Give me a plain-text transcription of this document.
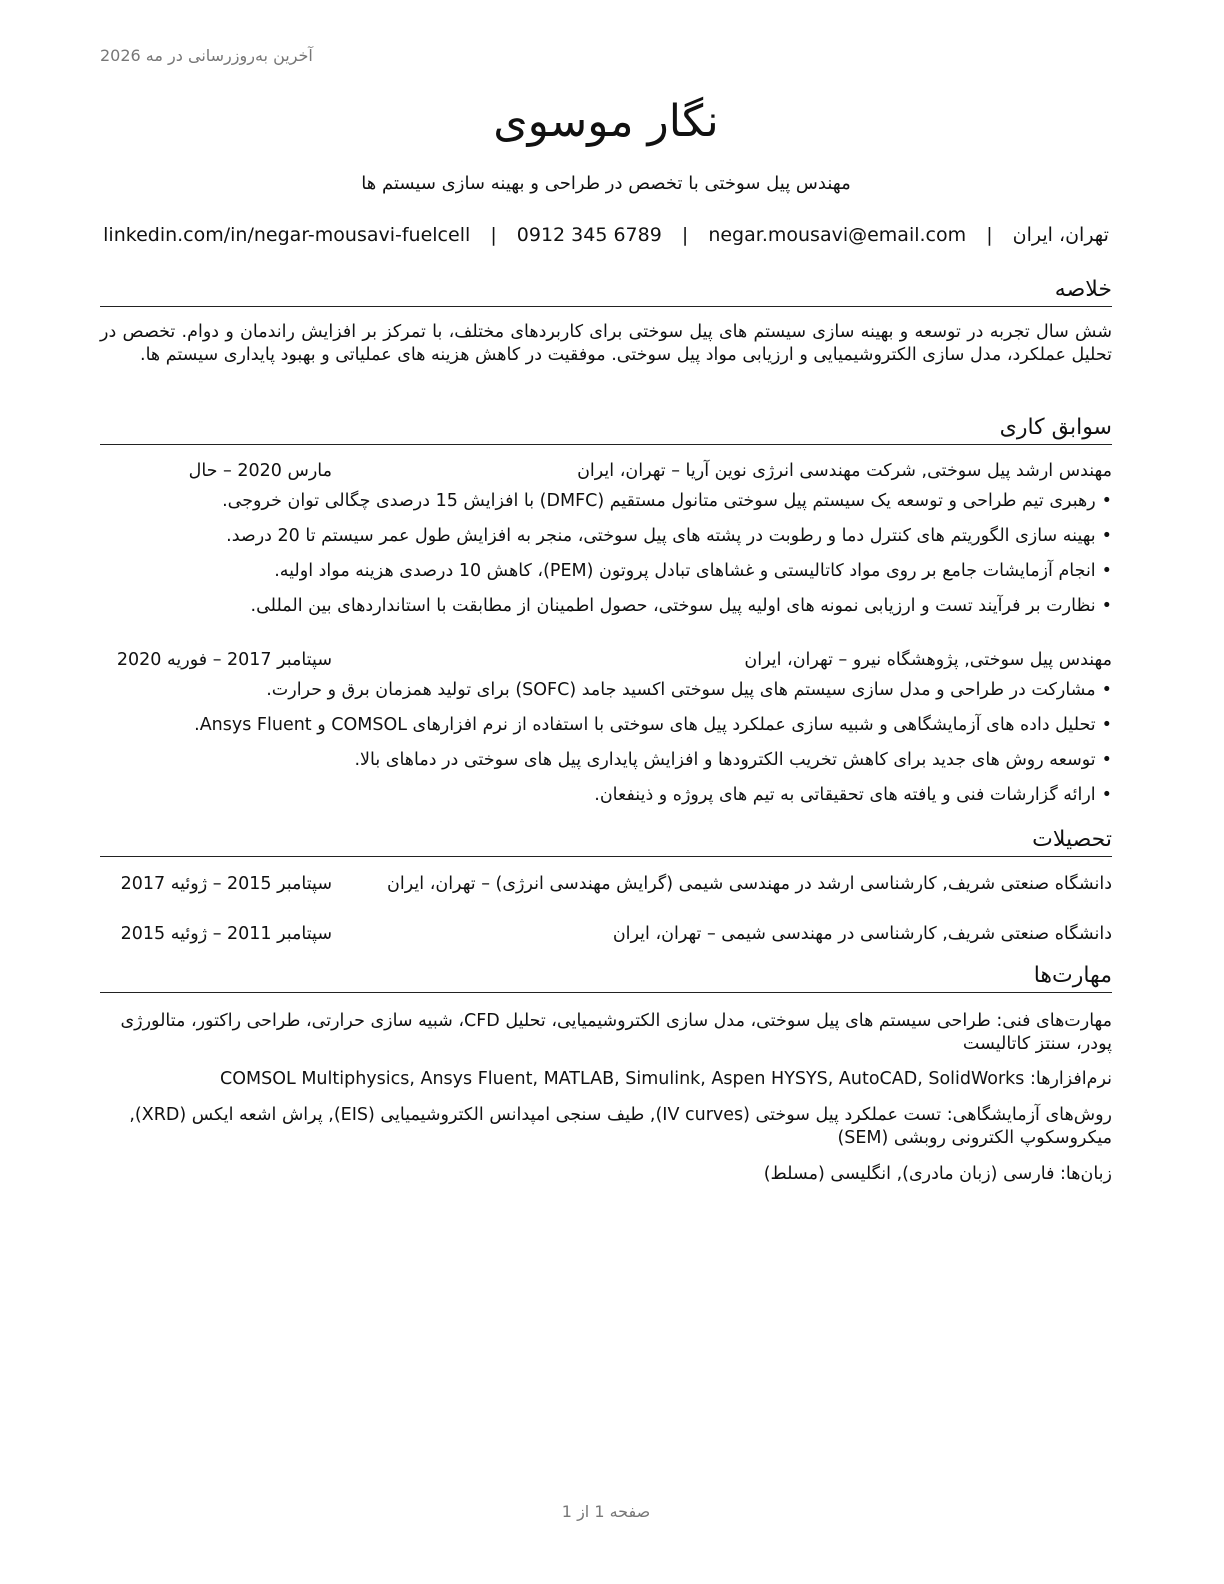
آخرین به‌روزرسانی در مه 2026
نگار موسوی
مهندس پیل سوختی با تخصص در طراحی و بهینه سازی سیستم ها
تهران، ایران | negar.mousavi@email.com | 0912 345 6789 | linkedin.com/in/negar-mousavi-fuelcell
خلاصه
شش سال تجربه در توسعه و بهینه سازی سیستم های پیل سوختی برای کاربردهای مختلف، با تمرکز بر افزایش راندمان و دوام. تخصص در تحلیل عملکرد، مدل سازی الکتروشیمیایی و ارزیابی مواد پیل سوختی. موفقیت در کاهش هزینه های عملیاتی و بهبود پایداری سیستم ها.
سوابق کاری
مهندس ارشد پیل سوختی, شرکت مهندسی انرژی نوین آریا – تهران، ایران
مارس 2020 – حال
•رهبری تیم طراحی و توسعه یک سیستم پیل سوختی متانول مستقیم (DMFC) با افزایش 15 درصدی چگالی توان خروجی.
•بهینه سازی الگوریتم های کنترل دما و رطوبت در پشته های پیل سوختی، منجر به افزایش طول عمر سیستم تا 20 درصد.
•انجام آزمایشات جامع بر روی مواد کاتالیستی و غشاهای تبادل پروتون (PEM)، کاهش 10 درصدی هزینه مواد اولیه.
•نظارت بر فرآیند تست و ارزیابی نمونه های اولیه پیل سوختی، حصول اطمینان از مطابقت با استانداردهای بین المللی.
مهندس پیل سوختی, پژوهشگاه نیرو – تهران، ایران
سپتامبر 2017 – فوریه 2020
•مشارکت در طراحی و مدل سازی سیستم های پیل سوختی اکسید جامد (SOFC) برای تولید همزمان برق و حرارت.
•تحلیل داده های آزمایشگاهی و شبیه سازی عملکرد پیل های سوختی با استفاده از نرم افزارهای COMSOL و Ansys Fluent.
•توسعه روش های جدید برای کاهش تخریب الکترودها و افزایش پایداری پیل های سوختی در دماهای بالا.
•ارائه گزارشات فنی و یافته های تحقیقاتی به تیم های پروژه و ذینفعان.
تحصیلات
دانشگاه صنعتی شریف, کارشناسی ارشد در مهندسی شیمی (گرایش مهندسی انرژی) – تهران، ایران
سپتامبر 2015 – ژوئیه 2017
دانشگاه صنعتی شریف, کارشناسی در مهندسی شیمی – تهران، ایران
سپتامبر 2011 – ژوئیه 2015
مهارت‌ها
مهارت‌های فنی: طراحی سیستم های پیل سوختی، مدل سازی الکتروشیمیایی، تحلیل CFD، شبیه سازی حرارتی، طراحی راکتور، متالورژی پودر، سنتز کاتالیست
نرم‌افزارها: COMSOL Multiphysics, Ansys Fluent, MATLAB, Simulink, Aspen HYSYS, AutoCAD, SolidWorks
روش‌های آزمایشگاهی: تست عملکرد پیل سوختی (IV curves), طیف سنجی امپدانس الکتروشیمیایی (EIS), پراش اشعه ایکس (XRD), میکروسکوپ الکترونی روبشی (SEM)
زبان‌ها: فارسی (زبان مادری), انگلیسی (مسلط)
صفحه 1 از 1
